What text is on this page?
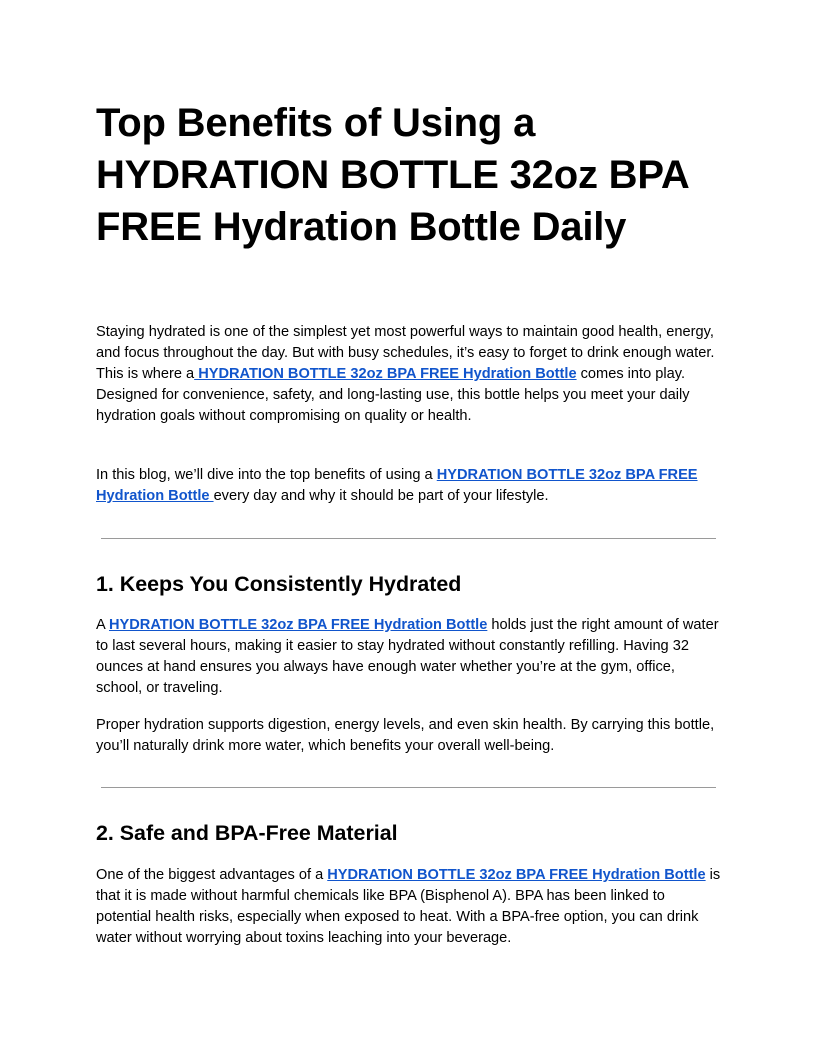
Top Benefits of Using a HYDRATION BOTTLE 32oz BPA FREE Hydration Bottle Daily

Staying hydrated is one of the simplest yet most powerful ways to maintain good health, energy, and focus throughout the day. But with busy schedules, it’s easy to forget to drink enough water. This is where a HYDRATION BOTTLE 32oz BPA FREE Hydration Bottle comes into play. Designed for convenience, safety, and long-lasting use, this bottle helps you meet your daily hydration goals without compromising on quality or health.

In this blog, we’ll dive into the top benefits of using a HYDRATION BOTTLE 32oz BPA FREE Hydration Bottle every day and why it should be part of your lifestyle.

1. Keeps You Consistently Hydrated

A HYDRATION BOTTLE 32oz BPA FREE Hydration Bottle holds just the right amount of water to last several hours, making it easier to stay hydrated without constantly refilling. Having 32 ounces at hand ensures you always have enough water whether you’re at the gym, office, school, or traveling.

Proper hydration supports digestion, energy levels, and even skin health. By carrying this bottle, you’ll naturally drink more water, which benefits your overall well-being.

2. Safe and BPA-Free Material

One of the biggest advantages of a HYDRATION BOTTLE 32oz BPA FREE Hydration Bottle is that it is made without harmful chemicals like BPA (Bisphenol A). BPA has been linked to potential health risks, especially when exposed to heat. With a BPA-free option, you can drink water without worrying about toxins leaching into your beverage.
